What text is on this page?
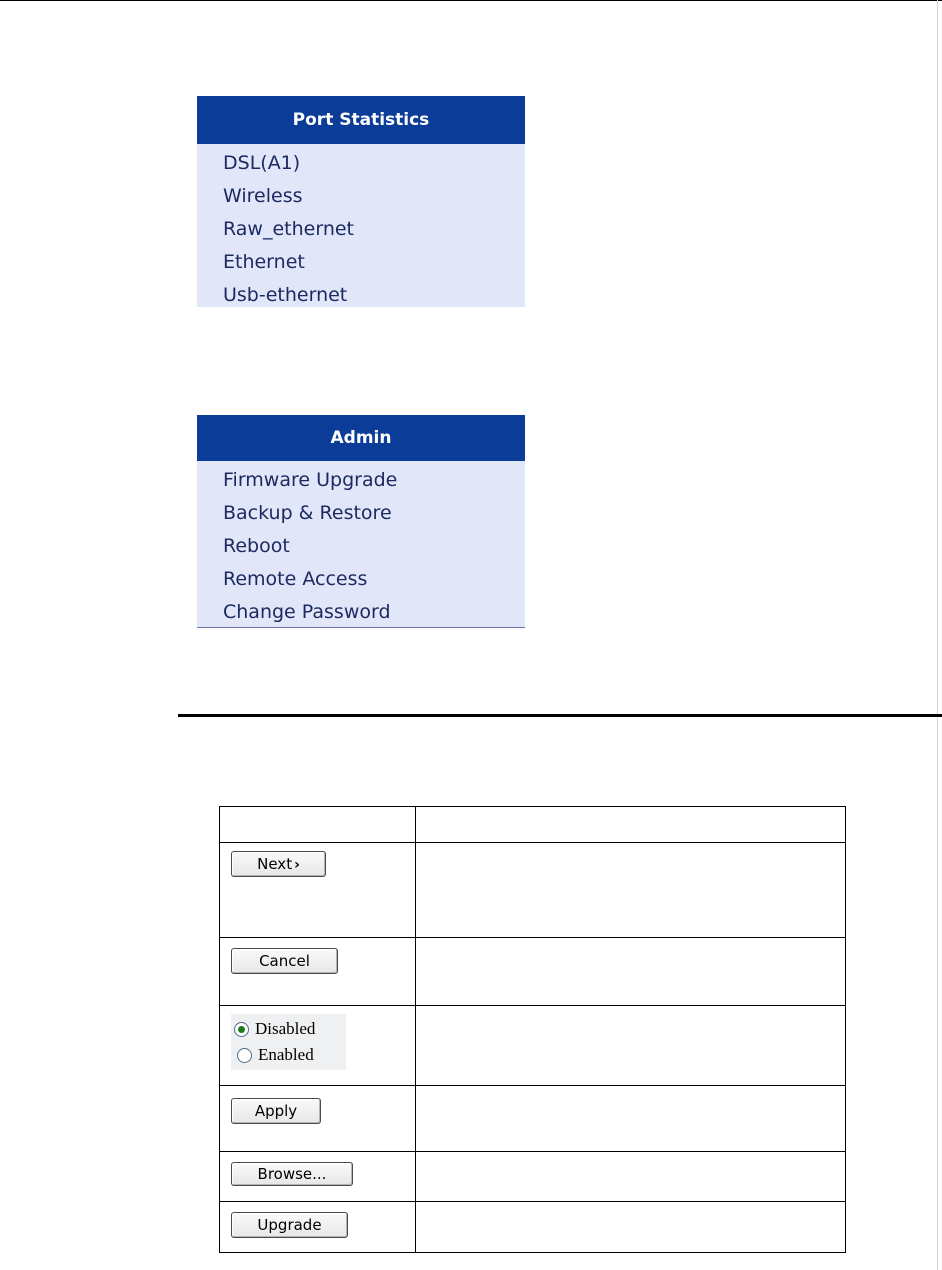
Port Statistics
DSL(A1)
Wireless
Raw_ethernet
Ethernet
Usb-ethernet
Admin
Firmware Upgrade
Backup & Restore
Reboot
Remote Access
Change Password

Next ›	
Cancel	

Disabled
Enabled	

Apply	
Browse...	
Upgrade	
